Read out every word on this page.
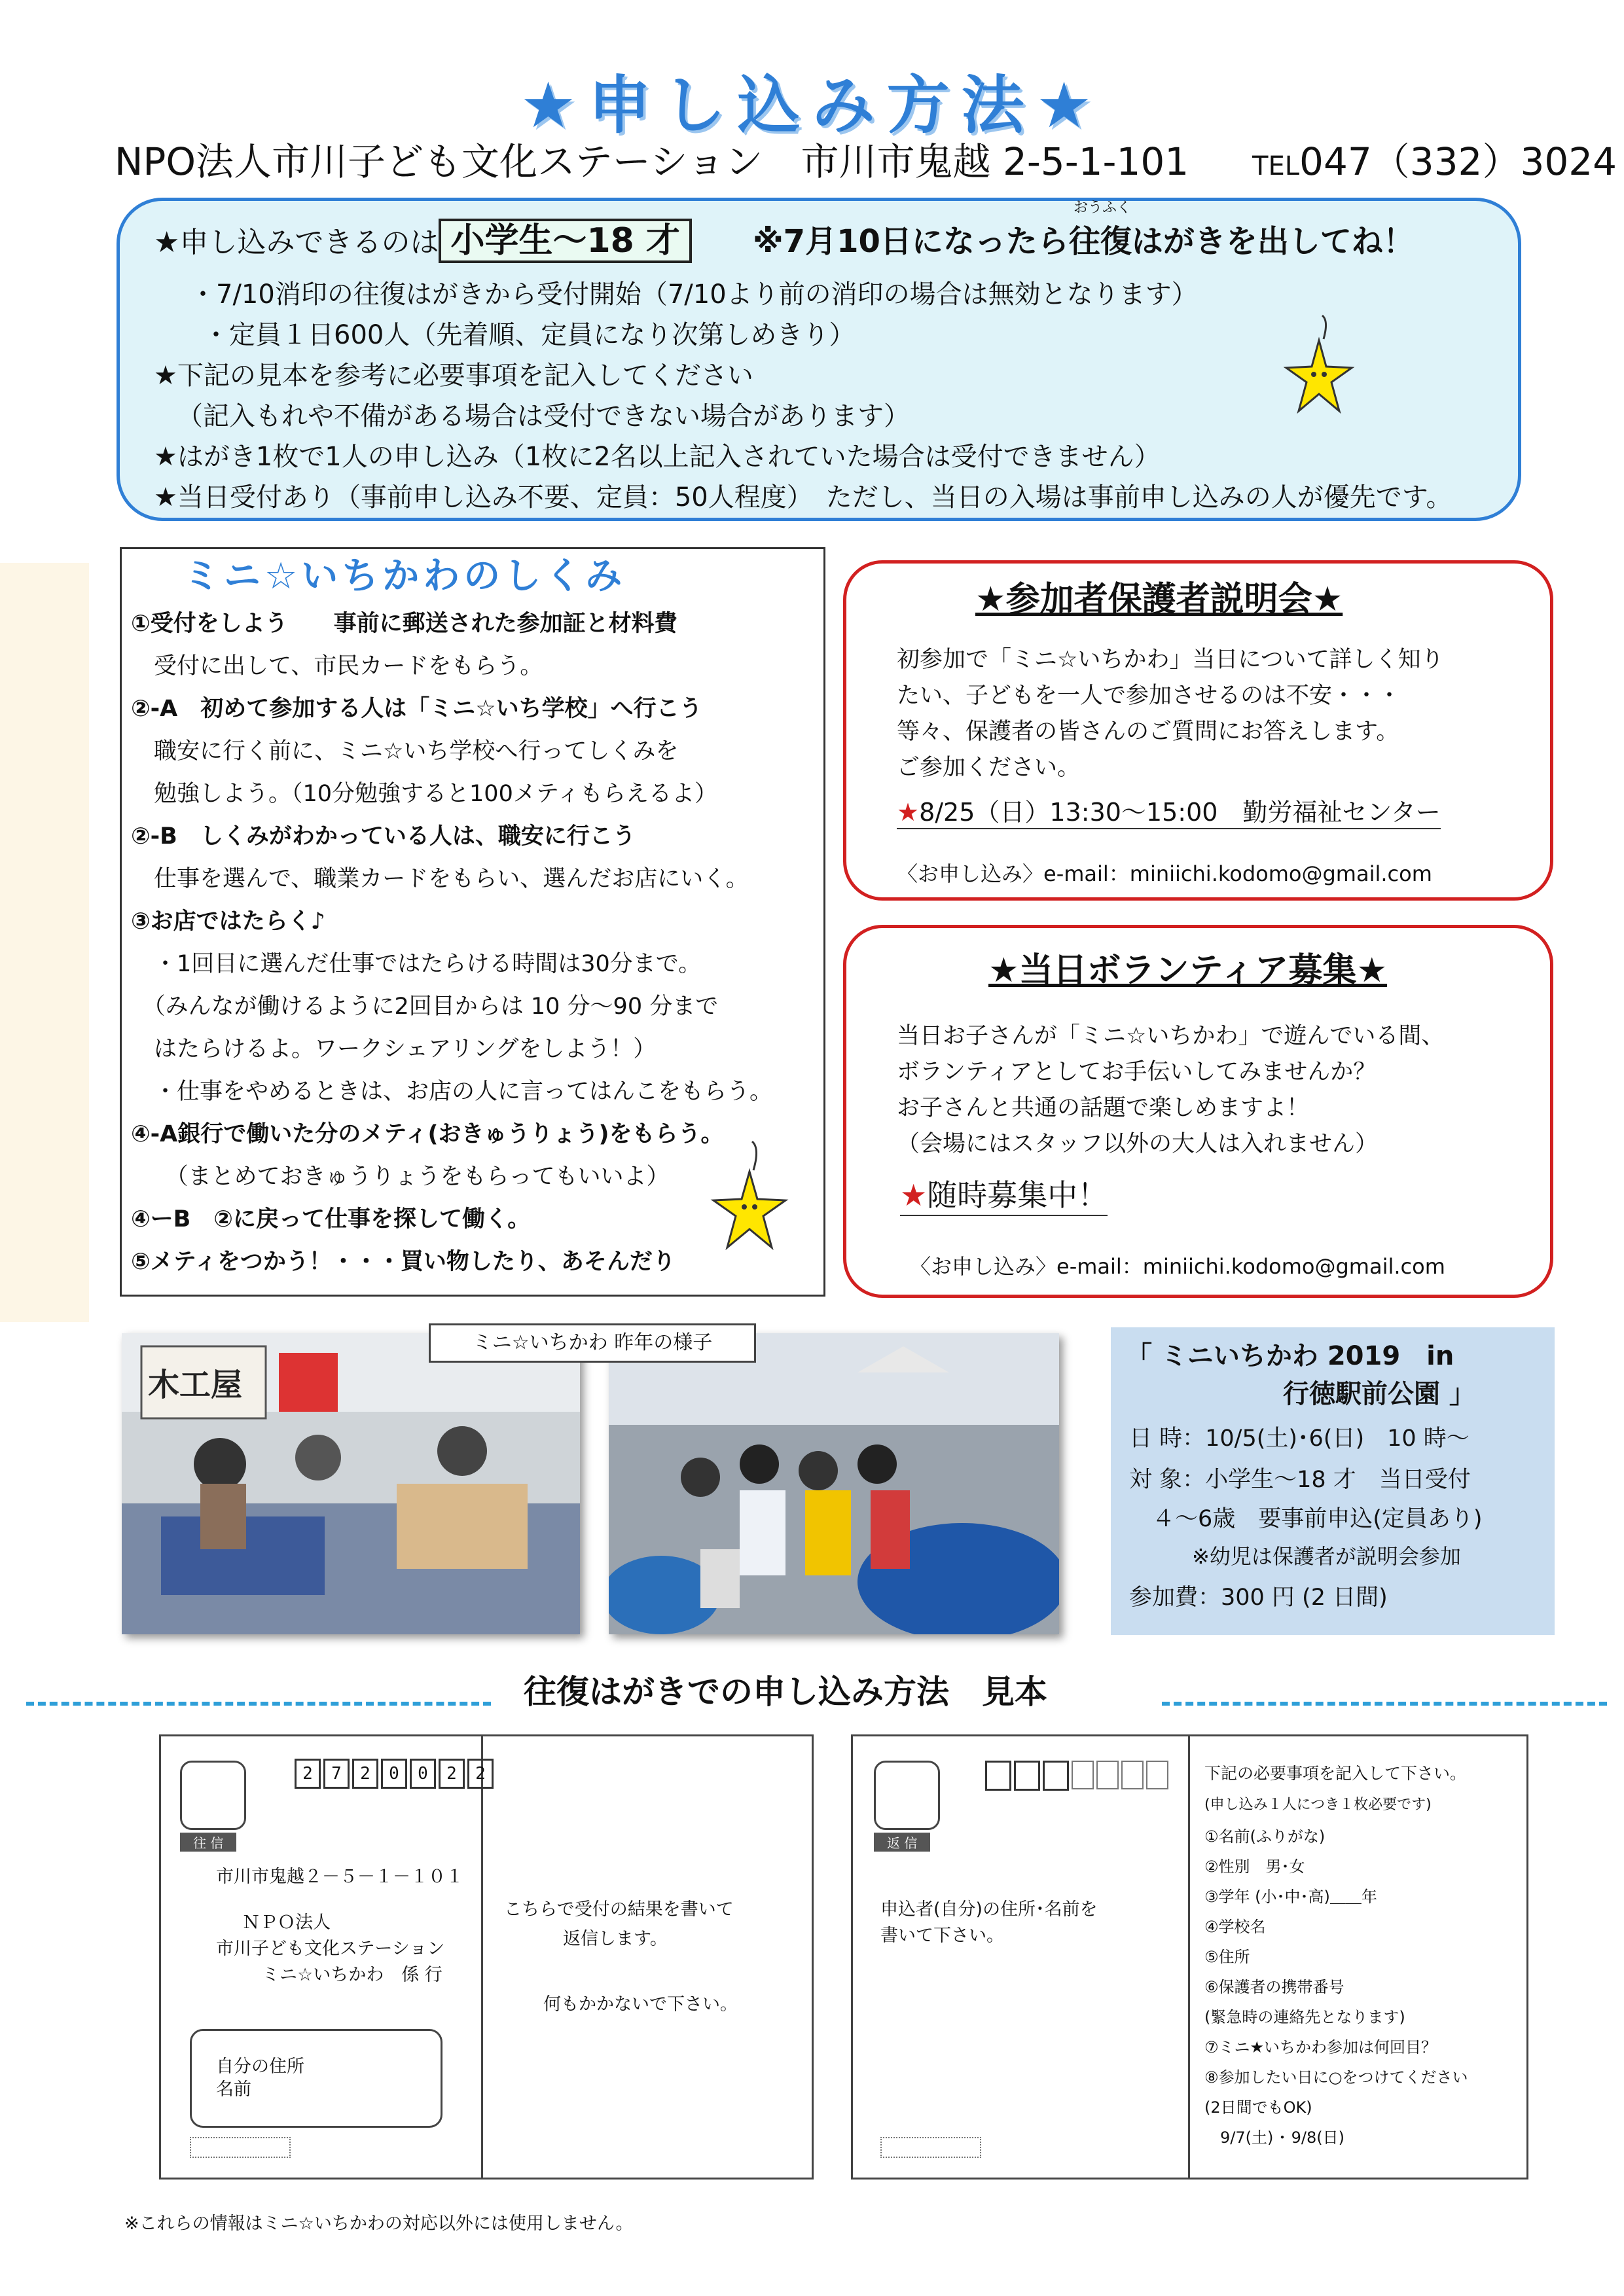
★申し込み方法★
NPO法人市川子ども文化ステーション　市川市鬼越 2-5-1-101 TEL047（332）3024
★申し込みできるのは 小学生～18 才
おうふく
※7月10日になったら往復はがきを出してね！
・7/10消印の往復はがきから受付開始（7/10より前の消印の場合は無効となります）
・定員１日600人（先着順、定員になり次第しめきり）
★下記の見本を参考に必要事項を記入してください
（記入もれや不備がある場合は受付できない場合があります）
★はがき1枚で1人の申し込み（1枚に2名以上記入されていた場合は受付できません）
★当日受付あり（事前申し込み不要、定員：50人程度）　ただし、当日の入場は事前申し込みの人が優先です。
ミニ☆いちかわのしくみ
①受付をしよう　　事前に郵送された参加証と材料費
　受付に出して、市民カードをもらう。
②-A　初めて参加する人は「ミニ☆いち学校」へ行こう
　職安に行く前に、ミニ☆いち学校へ行ってしくみを
　勉強しよう。（10分勉強すると100メティもらえるよ）
②-B　しくみがわかっている人は、職安に行こう
　仕事を選んで、職業カードをもらい、選んだお店にいく。
③お店ではたらく♪
　・1回目に選んだ仕事ではたらける時間は30分まで。
　（みんなが働けるように2回目からは 10 分～90 分まで
　はたらけるよ。ワークシェアリングをしよう！）
　・仕事をやめるときは、お店の人に言ってはんこをもらう。
④-A銀行で働いた分のメティ(おきゅうりょう)をもらう。
　　（まとめておきゅうりょうをもらってもいいよ）
④ーB　②に戻って仕事を探して働く。
⑤メティをつかう！・・・買い物したり、あそんだり
★参加者保護者説明会★
初参加で「ミニ☆いちかわ」当日について詳しく知り
たい、子どもを一人で参加させるのは不安・・・
等々、保護者の皆さんのご質問にお答えします。
ご参加ください。
★8/25（日）13:30～15:00　勤労福祉センター
〈お申し込み〉e-mail：miniichi.kodomo@gmail.com
★当日ボランティア募集★
当日お子さんが「ミニ☆いちかわ」で遊んでいる間、
ボランティアとしてお手伝いしてみませんか？
お子さんと共通の話題で楽しめますよ！
（会場にはスタッフ以外の大人は入れません）
★随時募集中！
〈お申し込み〉e-mail：miniichi.kodomo@gmail.com
木工屋
ミニ☆いちかわ 昨年の様子	「 ミニいちかわ 2019　in
行徳駅前公園 」
日 時：10/5(土)･6(日)　10 時～
対 象：小学生～18 才　当日受付
　４～6歳　要事前申込(定員あり)
　　　※幼児は保護者が説明会参加
参加費：300 円 (2 日間)
往復はがきでの申し込み方法　見本
2	7	2	0	0	2	2
往 信
市川市鬼越２－５－１－１０１
ＮＰＯ法人
市川子ども文化ステーション
ミニ☆いちかわ　係 行
自分の住所
名前
こちらで受付の結果を書いて
返信します。
何もかかないで下さい。
返 信
申込者(自分)の住所･名前を
書いて下さい。
下記の必要事項を記入して下さい。
①名前(ふりがな)
②性別　男･女
③学年 (小･中･高)＿＿年
④学校名
⑤住所
⑥保護者の携帯番号
(緊急時の連絡先となります)
⑦ミニ★いちかわ参加は何回目？
⑧参加したい日に○をつけてください
(2日間でもOK)
　9/7(土) ･ 9/8(日)
(申し込み１人につき１枚必要です)
※これらの情報はミニ☆いちかわの対応以外には使用しません。
